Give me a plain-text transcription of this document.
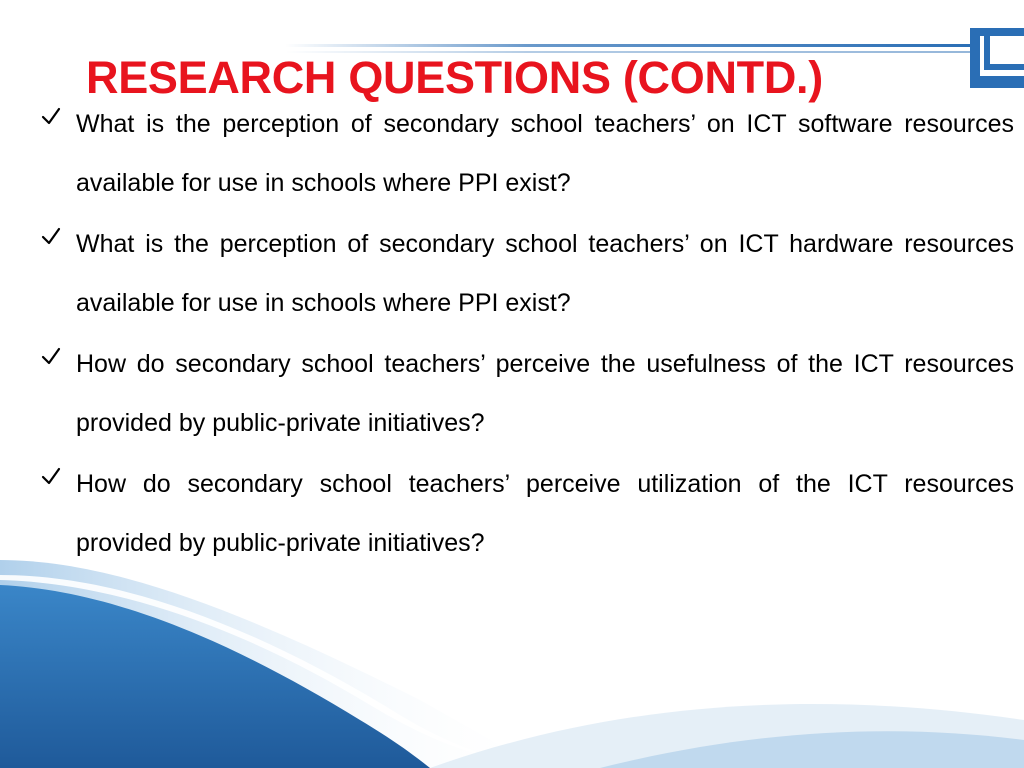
RESEARCH QUESTIONS (CONTD.)
What is the perception of secondary school teachers’ on ICT software resources available for use in schools where PPI exist?
What is the perception of secondary school teachers’ on ICT hardware resources available for use in schools where PPI exist?
How do secondary school teachers’ perceive the usefulness of the ICT resources provided by public-private initiatives?
How do secondary school teachers’ perceive utilization of the ICT resources provided by public-private initiatives?
